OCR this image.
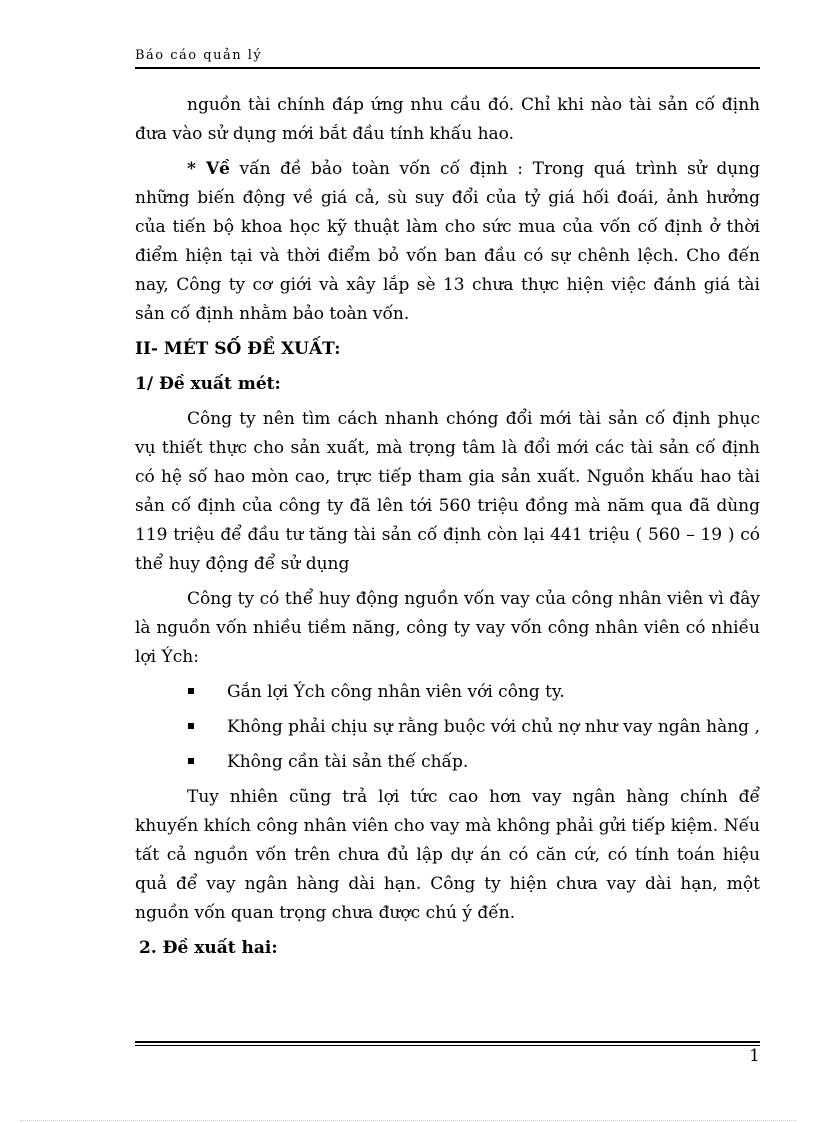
Báo cáo quản lý

nguồn tài chính đáp ứng nhu cầu đó. Chỉ khi nào tài sản cố định đưa vào sử dụng mới bắt đầu tính khấu hao.

* Về vấn đề bảo toàn vốn cố định : Trong quá trình sử dụng những biến động về giá cả, sù suy đổi của tỷ giá hối đoái, ảnh hưởng của tiến bộ khoa học kỹ thuật làm cho sức mua của vốn cố định ở thời điểm hiện tại và thời điểm bỏ vốn ban đầu có sự chênh lệch. Cho đến nay, Công ty cơ giới và xây lắp sè 13 chưa thực hiện việc đánh giá tài sản cố định nhằm bảo toàn vốn.

II- MÉT SỐ ĐỀ XUẤT:

1/ Đề xuất mét:

Công ty nên tìm cách nhanh chóng đổi mới tài sản cố định phục vụ thiết thực cho sản xuất, mà trọng tâm là đổi mới các tài sản cố định có hệ số hao mòn cao, trực tiếp tham gia sản xuất. Nguồn khấu hao tài sản cố định của công ty đã lên tới 560 triệu đồng mà năm qua đã dùng 119 triệu để đầu tư tăng tài sản cố định còn lại 441 triệu ( 560 – 19 ) có thể huy động để sử dụng

Công ty có thể huy động nguồn vốn vay của công nhân viên vì đây là nguồn vốn nhiều tiềm năng, công ty vay vốn công nhân viên có nhiều lợi Ých:

Gắn lợi Ých công nhân viên với công ty.

Không phải chịu sự rằng buộc với chủ nợ như vay ngân hàng ,

Không cần tài sản thế chấp.

Tuy nhiên cũng trả lợi tức cao hơn vay ngân hàng chính để khuyến khích công nhân viên cho vay mà không phải gửi tiếp kiệm. Nếu tất cả nguồn vốn trên chưa đủ lập dự án có căn cứ, có tính toán hiệu quả để vay ngân hàng dài hạn. Công ty hiện chưa vay dài hạn, một nguồn vốn quan trọng chưa được chú ý đến.

2. Đề xuất hai:

1
